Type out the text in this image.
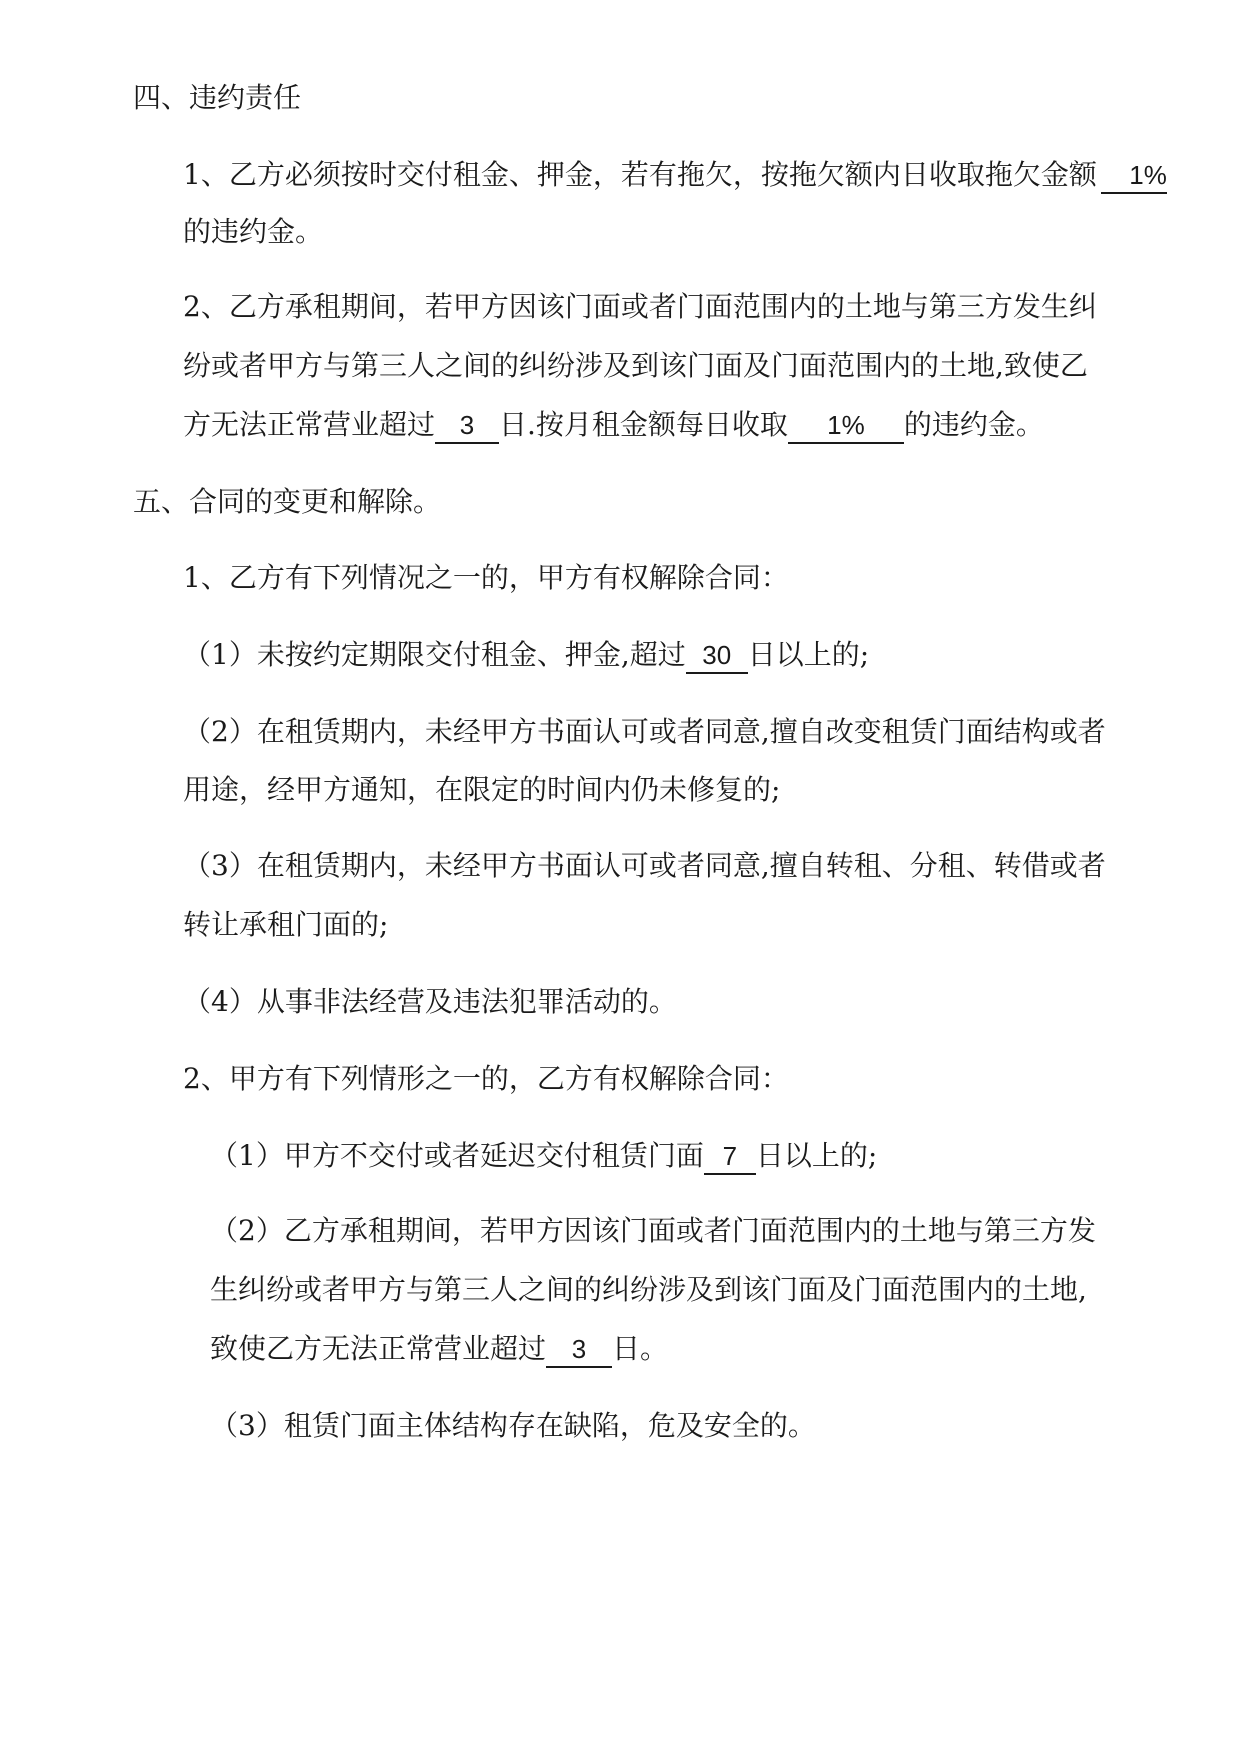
四、违约责任
1、乙方必须按时交付租金、押金，若有拖欠，按拖欠额内日收取拖欠金额 1%
的违约金。
2、乙方承租期间，若甲方因该门面或者门面范围内的土地与第三方发生纠
纷或者甲方与第三人之间的纠纷涉及到该门面及门面范围内的土地,致使乙
方无法正常营业超过 3 日.按月租金额每日收取 1% 的违约金。
五、合同的变更和解除。
1、乙方有下列情况之一的，甲方有权解除合同：
（1）未按约定期限交付租金、押金,超过 30 日以上的;
（2）在租赁期内，未经甲方书面认可或者同意,擅自改变租赁门面结构或者
用途，经甲方通知，在限定的时间内仍未修复的;
（3）在租赁期内，未经甲方书面认可或者同意,擅自转租、分租、转借或者
转让承租门面的;
（4）从事非法经营及违法犯罪活动的。
2、甲方有下列情形之一的，乙方有权解除合同：
（1）甲方不交付或者延迟交付租赁门面 7 日以上的;
（2）乙方承租期间，若甲方因该门面或者门面范围内的土地与第三方发
生纠纷或者甲方与第三人之间的纠纷涉及到该门面及门面范围内的土地,
致使乙方无法正常营业超过 3 日。
（3）租赁门面主体结构存在缺陷，危及安全的。
